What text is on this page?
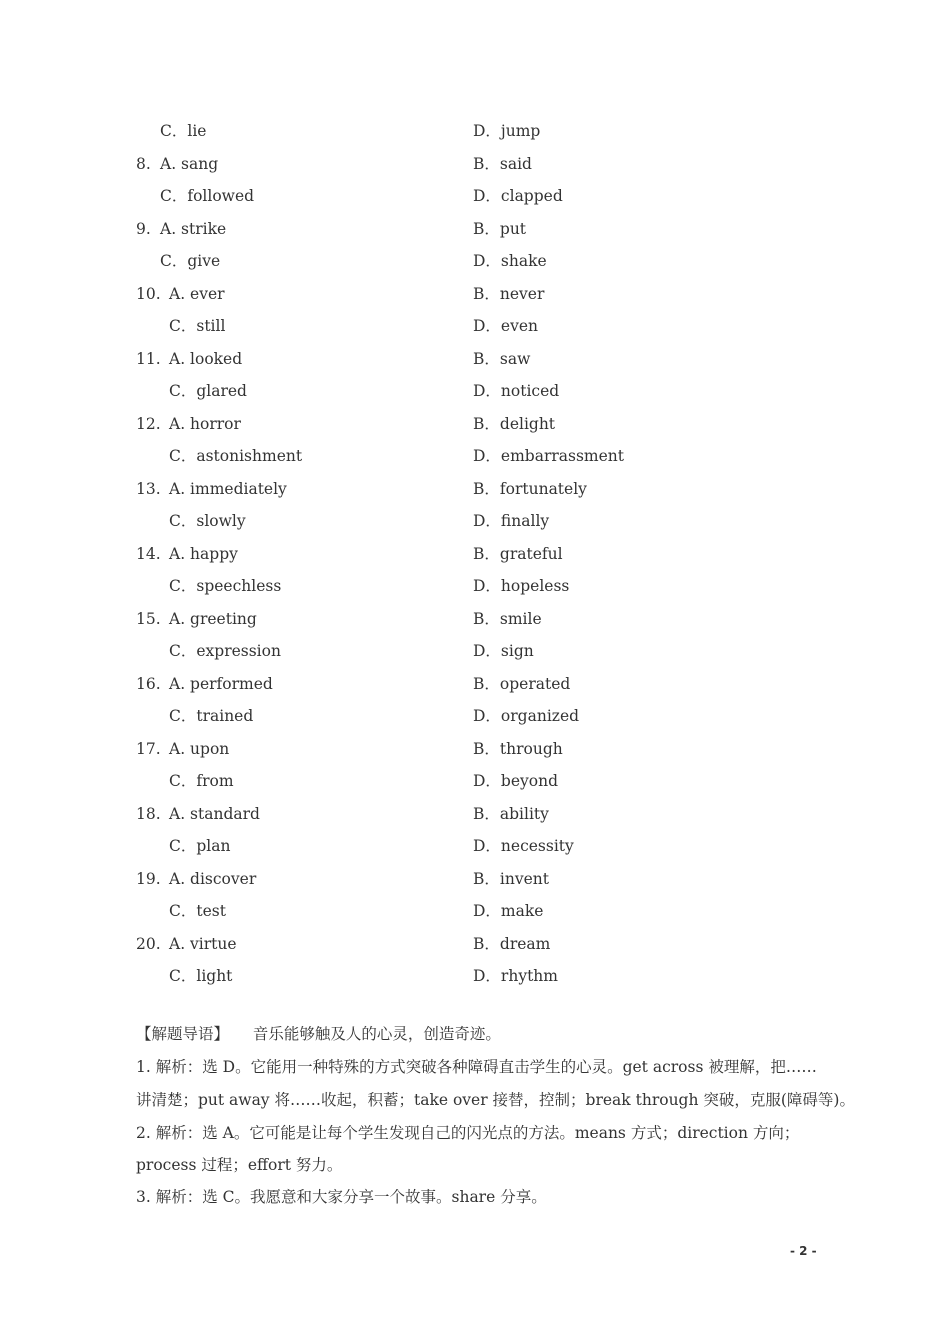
C．lie	D．jump
8. A. sang	B．said
C．followed	D．clapped
9. A. strike	B．put
C．give	D．shake
10. A. ever	B．never
C．still	D．even
11. A. looked	B．saw
C．glared	D．noticed
12. A. horror	B．delight
C．astonishment	D．embarrassment
13. A. immediately	B．fortunately
C．slowly	D．finally
14. A. happy	B．grateful
C．speechless	D．hopeless
15. A. greeting	B．smile
C．expression	D．sign
16. A. performed	B．operated
C．trained	D．organized
17. A. upon	B．through
C．from	D．beyond
18. A. standard	B．ability
C．plan	D．necessity
19. A. discover	B．invent
C．test	D．make
20. A. virtue	B．dream
C．light	D．rhythm
【解题导语】 音乐能够触及人的心灵，创造奇迹。
1. 解析：选 D。它能用一种特殊的方式突破各种障碍直击学生的心灵。get across 被理解，把……
讲清楚；put away 将……收起，积蓄；take over 接替，控制；break through 突破，克服(障碍等)。
2. 解析：选 A。它可能是让每个学生发现自己的闪光点的方法。means 方式；direction 方向；
process 过程；effort 努力。
3. 解析：选 C。我愿意和大家分享一个故事。share 分享。
- 2 -
